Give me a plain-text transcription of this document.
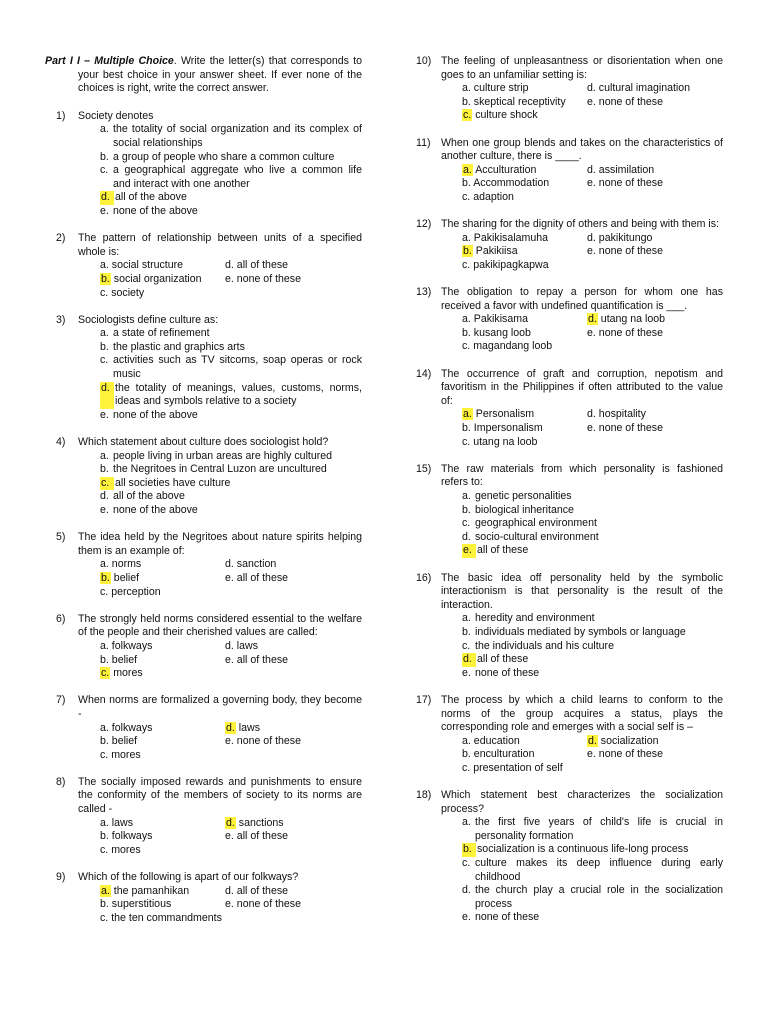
Part I I – Multiple Choice. Write the letter(s) that corresponds to your best choice in your answer sheet. If ever none of the choices is right, write the correct answer.
1)	Society denotes
a. the totality of social organization and its complex of social relationships
b. a group of people who share a common culture
c. a geographical aggregate who live a common life and interact with one another
d. all of the above
e. none of the above
2)	The pattern of relationship between units of a specified whole is:
a. social structure	d. all of these
b. social organization	e. none of these
c. society
3)	Sociologists define culture as:
a. a state of refinement
b. the plastic and graphics arts
c. activities such as TV sitcoms, soap operas or rock music
d. the totality of meanings, values, customs, norms, ideas and symbols relative to a society
e. none of the above
4)	Which statement about culture does sociologist hold?
a. people living in urban areas are highly cultured
b. the Negritoes in Central Luzon are uncultured
c. all societies have culture
d. all of the above
e. none of the above
5)	The idea held by the Negritoes about nature spirits helping them is an example of:
a. norms	d. sanction
b. belief	e. all of these
c. perception
6)	The strongly held norms considered essential to the welfare of the people and their cherished values are called:
a. folkways	d. laws
b. belief	e. all of these
c. mores
7)	When norms are formalized a governing body, they become -
a. folkways	d. laws
b. belief	e. none of these
c. mores
8)	The socially imposed rewards and punishments to ensure the conformity of the members of society to its norms are called -
a. laws	d. sanctions
b. folkways	e. all of these
c. mores
9)	Which of the following is apart of our folkways?
a. the pamanhikan	d. all of these
b. superstitious	e. none of these
c. the ten commandments
10) The feeling of unpleasantness or disorientation when one goes to an unfamiliar setting is:
a. culture strip	d. cultural imagination
b. skeptical receptivity	e. none of these
c. culture shock
11) When one group blends and takes on the characteristics of another culture, there is ____.
a. Acculturation	d. assimilation
b. Accommodation	e. none of these
c. adaption
12) The sharing for the dignity of others and being with them is:
a. Pakikisalamuha	d. pakikitungo
b. Pakikiisa	e. none of these
c. pakikipagkapwa
13) The obligation to repay a person for whom one has received a favor with undefined quantification is ___.
a. Pakikisama	d. utang na loob
b. kusang loob	e. none of these
c. magandang loob
14) The occurrence of graft and corruption, nepotism and favoritism in the Philippines if often attributed to the value of:
a. Personalism	d. hospitality
b. Impersonalism	e. none of these
c. utang na loob
15) The raw materials from which personality is fashioned refers to:
a. genetic personalities
b. biological inheritance
c. geographical environment
d. socio-cultural environment
e. all of these
16) The basic idea off personality held by the symbolic interactionism is that personality is the result of the interaction.
a. heredity and environment
b. individuals mediated by symbols or language
c. the individuals and his culture
d. all of these
e. none of these
17) The process by which a child learns to conform to the norms of the group acquires a status, plays the corresponding role and emerges with a social self is –
a. education	d. socialization
b. enculturation	e. none of these
c. presentation of self
18) Which statement best characterizes the socialization process?
a. the first five years of child's life is crucial in personality formation
b. socialization is a continuous life-long process
c. culture makes its deep influence during early childhood
d. the church play a crucial role in the socialization process
e. none of these
